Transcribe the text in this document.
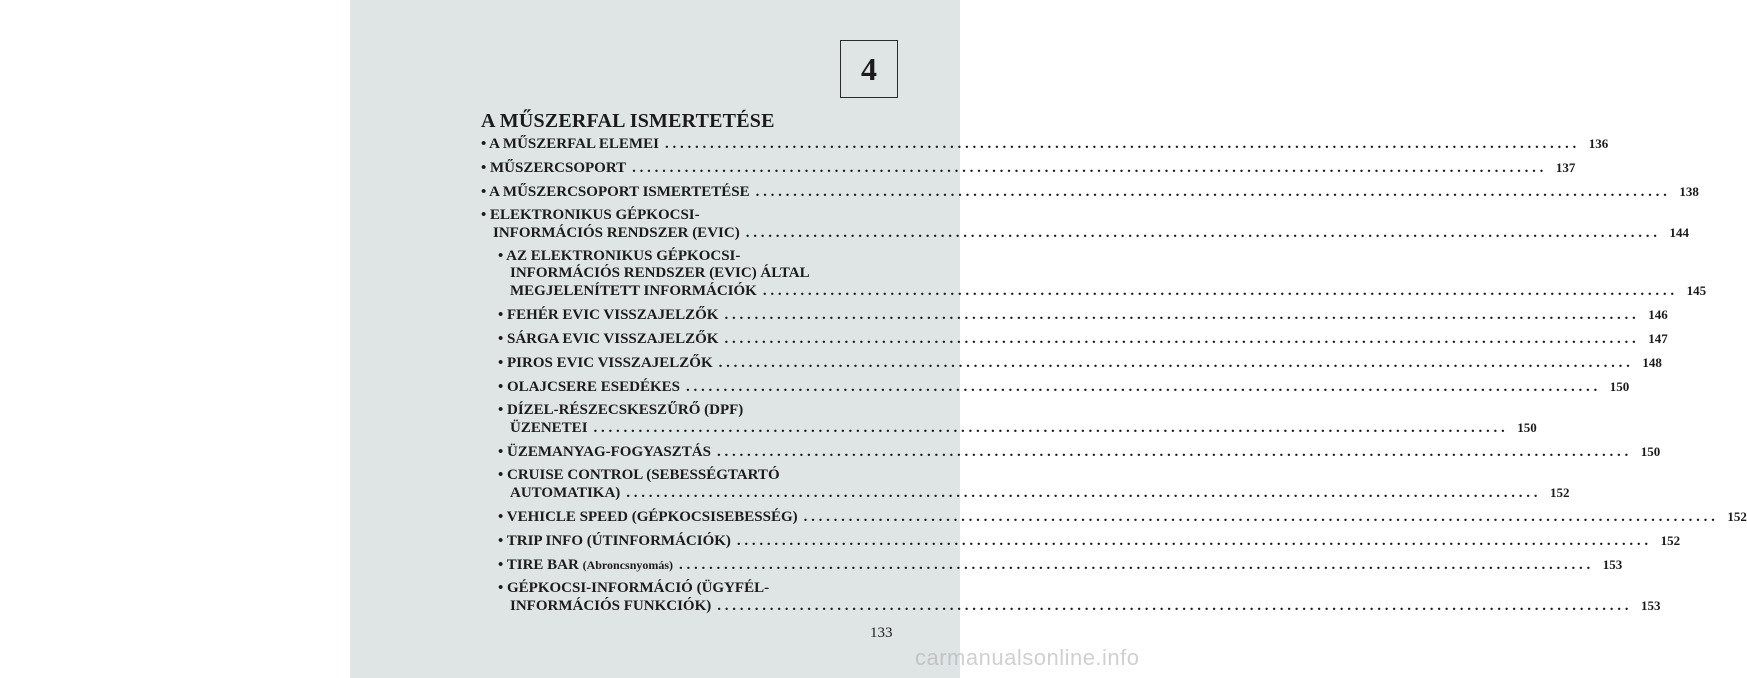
4
A MŰSZERFAL ISMERTETÉSE
• A MŰSZERFAL ELEMEI . . .	136
• MŰSZERCSOPORT . . .	137
• A MŰSZERCSOPORT ISMERTETÉSE . . .	138
• ELEKTRONIKUS GÉPKOCSI-
INFORMÁCIÓS RENDSZER (EVIC) . . .	144
• AZ ELEKTRONIKUS GÉPKOCSI-
INFORMÁCIÓS RENDSZER (EVIC) ÁLTAL
MEGJELENÍTETT INFORMÁCIÓK . . .	145
• FEHÉR EVIC VISSZAJELZŐK . . .	146
• SÁRGA EVIC VISSZAJELZŐK . . .	147
• PIROS EVIC VISSZAJELZŐK . . .	148
• OLAJCSERE ESEDÉKES . . .	150
• DÍZEL-RÉSZECSKESZŰRŐ (DPF)
ÜZENETEI . . .	150
• ÜZEMANYAG-FOGYASZTÁS . . .	150
• CRUISE CONTROL (SEBESSÉGTARTÓ
AUTOMATIKA) . . .	152
• VEHICLE SPEED (GÉPKOCSISEBESSÉG) . . .	152
• TRIP INFO (ÚTINFORMÁCIÓK) . . .	152
• TIRE BAR
(Abroncsnyomás) . . .	153
• GÉPKOCSI-INFORMÁCIÓ (ÜGYFÉL-
INFORMÁCIÓS FUNKCIÓK) . . .	153
133
carmanualsonline.info
